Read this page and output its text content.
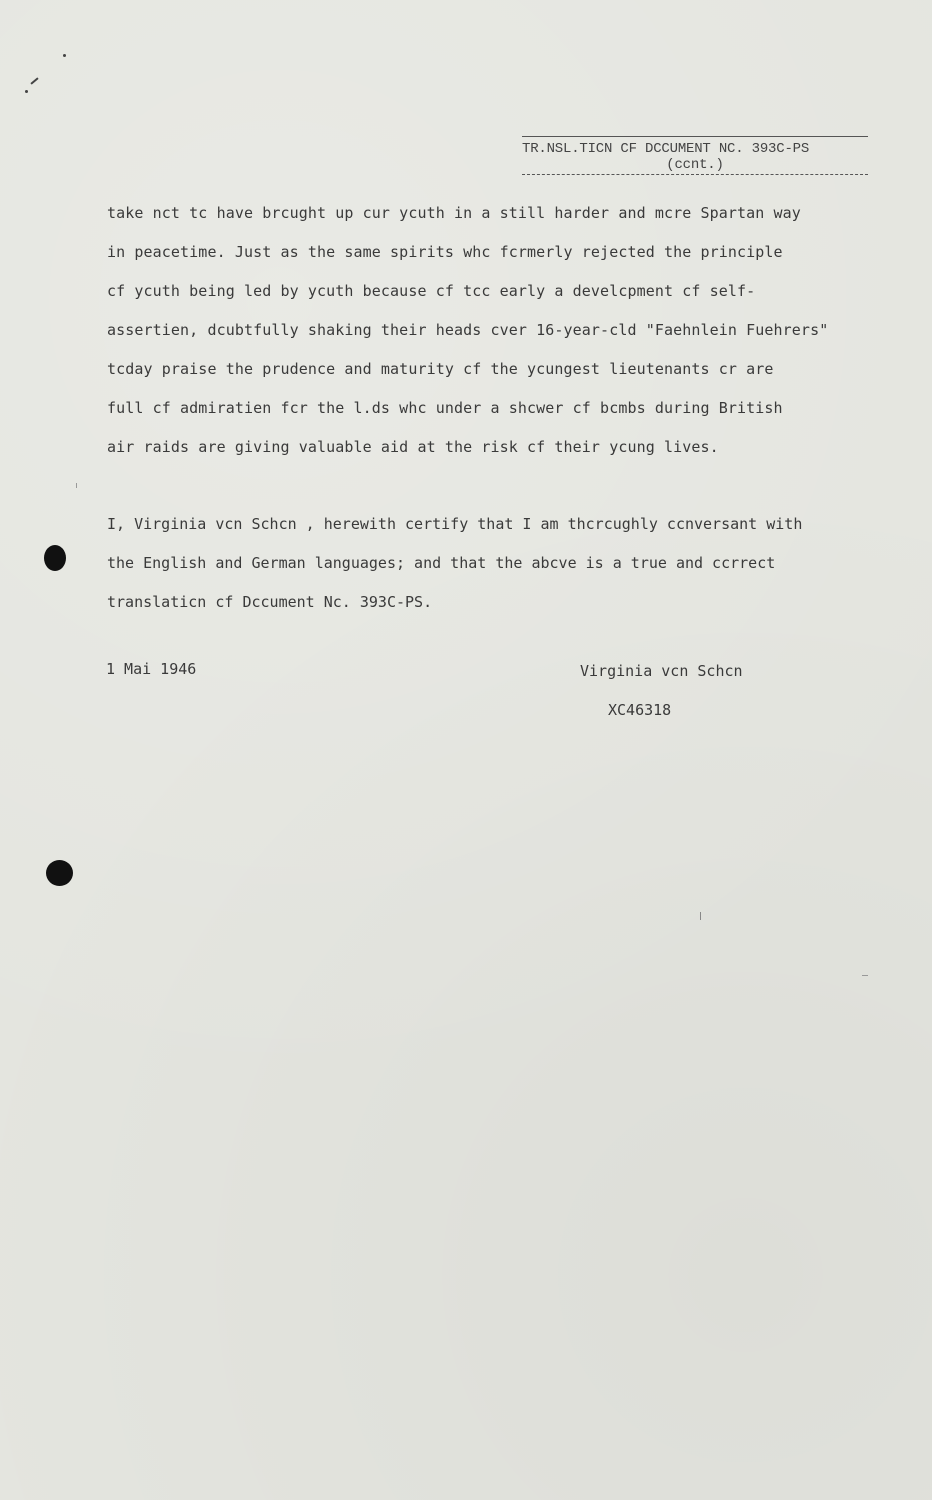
TR.NSL.TICN CF DCCUMENT NC. 393C-PS
(ccnt.)
take nct tc have brcught up cur ycuth in a still harder and mcre Spartan way
in peacetime. Just as the same spirits whc fcrmerly rejected the principle
cf ycuth being led by ycuth because cf tcc early a develcpment cf self-
assertien, dcubtfully shaking their heads cver 16-year-cld "Faehnlein Fuehrers"
tcday praise the prudence and maturity cf the ycungest lieutenants cr are
full cf admiratien fcr the l.ds whc under a shcwer cf bcmbs during British
air raids are giving valuable aid at the risk cf their ycung lives.
I, Virginia vcn Schcn , herewith certify that I am thcrcughly ccnversant with
the English and German languages; and that the abcve is a true and ccrrect
translaticn cf Dccument Nc. 393C-PS.
1 Mai 1946	Virginia vcn Schcn
XC46318
